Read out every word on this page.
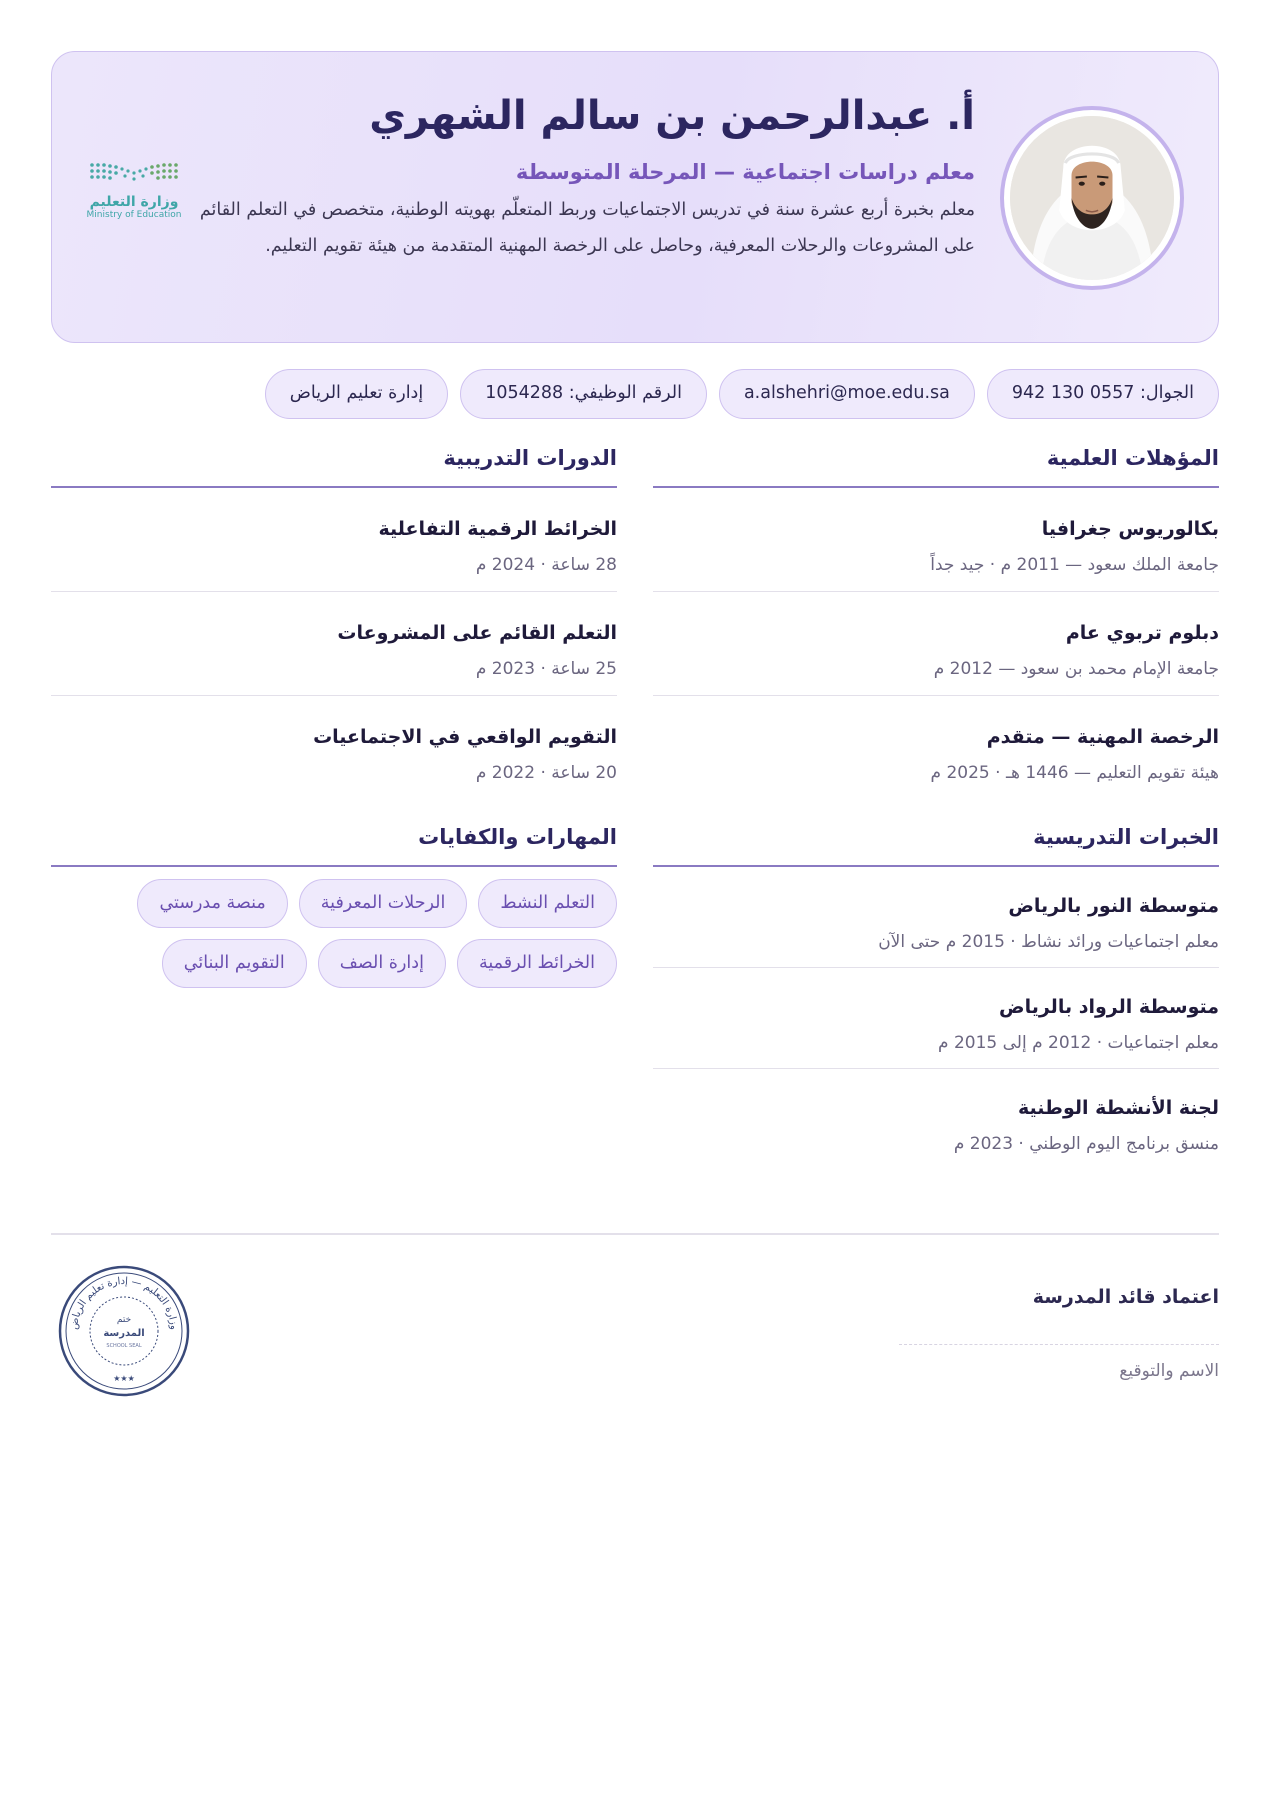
أ. عبدالرحمن بن سالم الشهري
معلم دراسات اجتماعية — المرحلة المتوسطة

معلم بخبرة أربع عشرة سنة في تدريس الاجتماعيات وربط المتعلّم بهويته الوطنية، متخصص في التعلم القائم على المشروعات والرحلات المعرفية، وحاصل على الرخصة المهنية المتقدمة من هيئة تقويم التعليم.

وزارة التعليم
Ministry of Education
الجوال: 0557 130 942
a.alshehri@moe.edu.sa
الرقم الوظيفي: 1054288
إدارة تعليم الرياض
المؤهلات العلمية
بكالوريوس جغرافيا
جامعة الملك سعود — 2011 م · جيد جداً
دبلوم تربوي عام
جامعة الإمام محمد بن سعود — 2012 م
الرخصة المهنية — متقدم
هيئة تقويم التعليم — 1446 هـ · 2025 م
الدورات التدريبية
الخرائط الرقمية التفاعلية
28 ساعة · 2024 م
التعلم القائم على المشروعات
25 ساعة · 2023 م
التقويم الواقعي في الاجتماعيات
20 ساعة · 2022 م
الخبرات التدريسية
متوسطة النور بالرياض
معلم اجتماعيات ورائد نشاط · 2015 م حتى الآن
متوسطة الرواد بالرياض
معلم اجتماعيات · 2012 م إلى 2015 م
لجنة الأنشطة الوطنية
منسق برنامج اليوم الوطني · 2023 م
المهارات والكفايات
التعلم النشط
الرحلات المعرفية
منصة مدرستي
الخرائط الرقمية
إدارة الصف
التقويم البنائي
اعتماد قائد المدرسة
الاسم والتوقيع
وزارة التعليم — إدارة تعليم الرياض
ختم
المدرسة
SCHOOL SEAL
★★★
